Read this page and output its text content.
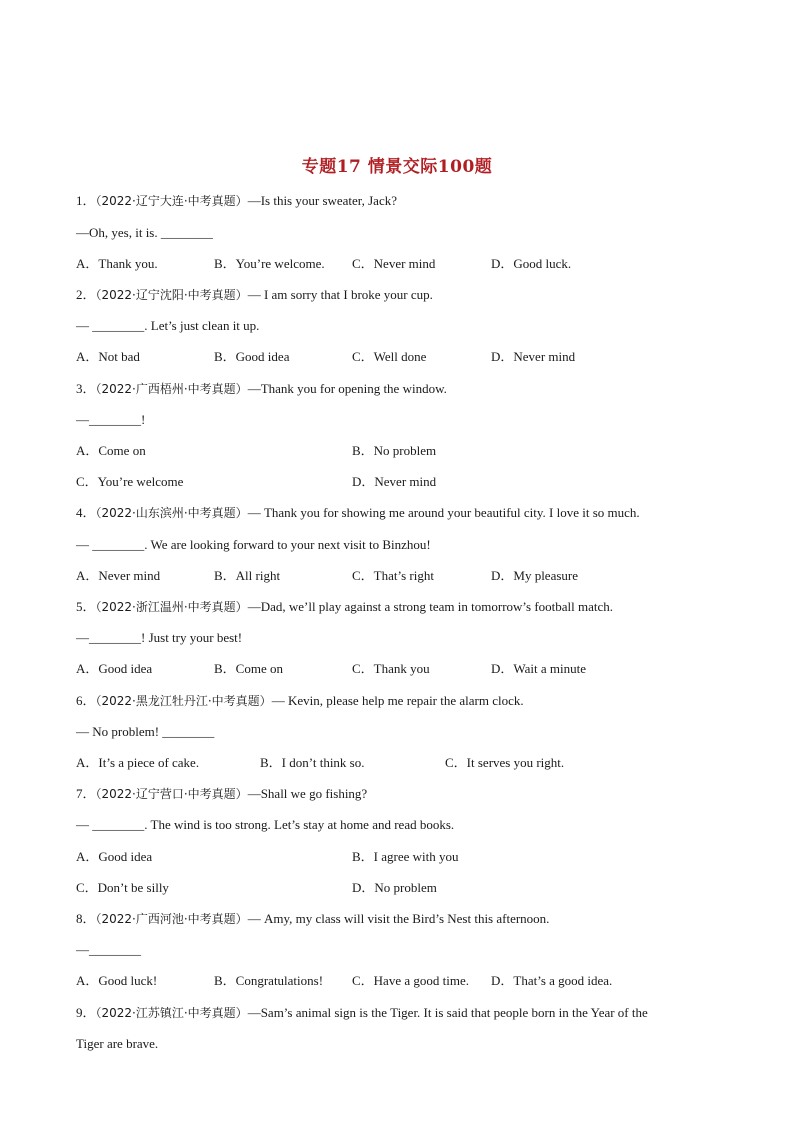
专题17 情景交际100题
1．（2022·辽宁大连·中考真题）—Is this your sweater, Jack?
—Oh, yes, it is. ________
A．Thank you.	B．You’re welcome. C．Never mind	D．Good luck.
2．（2022·辽宁沈阳·中考真题）— I am sorry that I broke your cup.
— ________. Let’s just clean it up.
A．Not bad	B．Good idea	C．Well done	D．Never mind
3．（2022·广西梧州·中考真题）—Thank you for opening the window.
—________!
A．Come on	B．No problem
C．You’re welcome	D．Never mind
4．（2022·山东滨州·中考真题）— Thank you for showing me around your beautiful city. I love it so much.
— ________. We are looking forward to your next visit to Binzhou!
A．Never mind	B．All right	C．That’s right	D．My pleasure
5．（2022·浙江温州·中考真题）—Dad, we’ll play against a strong team in tomorrow’s football match.
—________! Just try your best!
A．Good idea	B．Come on	C．Thank you	D．Wait a minute
6．（2022·黑龙江牡丹江·中考真题）— Kevin, please help me repair the alarm clock.
— No problem! ________
A．It’s a piece of cake.	B．I don’t think so.	C．It serves you right.
7．（2022·辽宁营口·中考真题）—Shall we go fishing?
— ________. The wind is too strong. Let’s stay at home and read books.
A．Good idea	B．I agree with you
C．Don’t be silly	D．No problem
8．（2022·广西河池·中考真题）— Amy, my class will visit the Bird’s Nest this afternoon.
—________
A．Good luck!	B．Congratulations! C．Have a good time. D．That’s a good idea.
9．（2022·江苏镇江·中考真题）—Sam’s animal sign is the Tiger. It is said that people born in the Year of the
Tiger are brave.
